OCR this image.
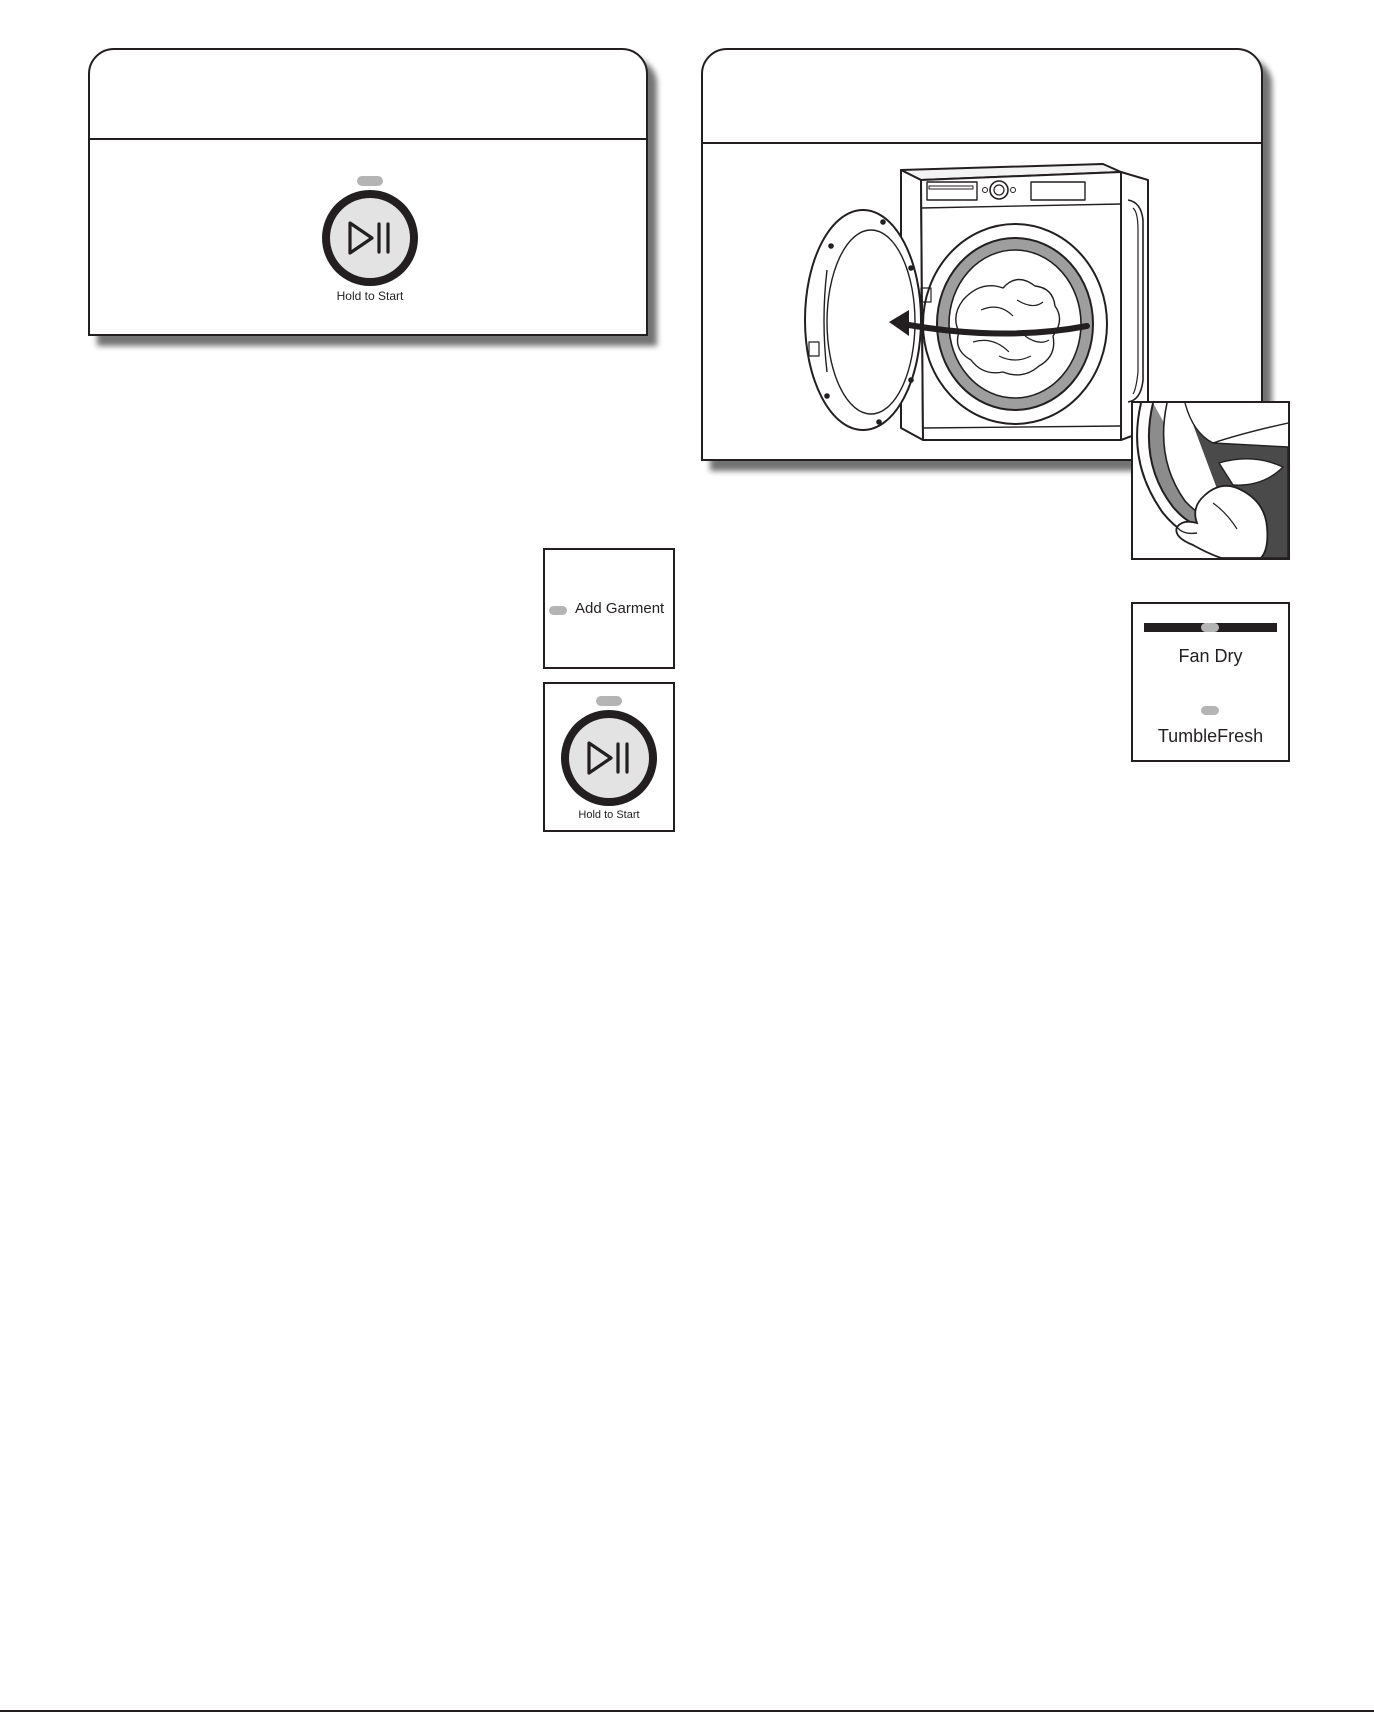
Hold to Start
Add Garment
Hold to Start
Fan Dry
TumbleFresh
